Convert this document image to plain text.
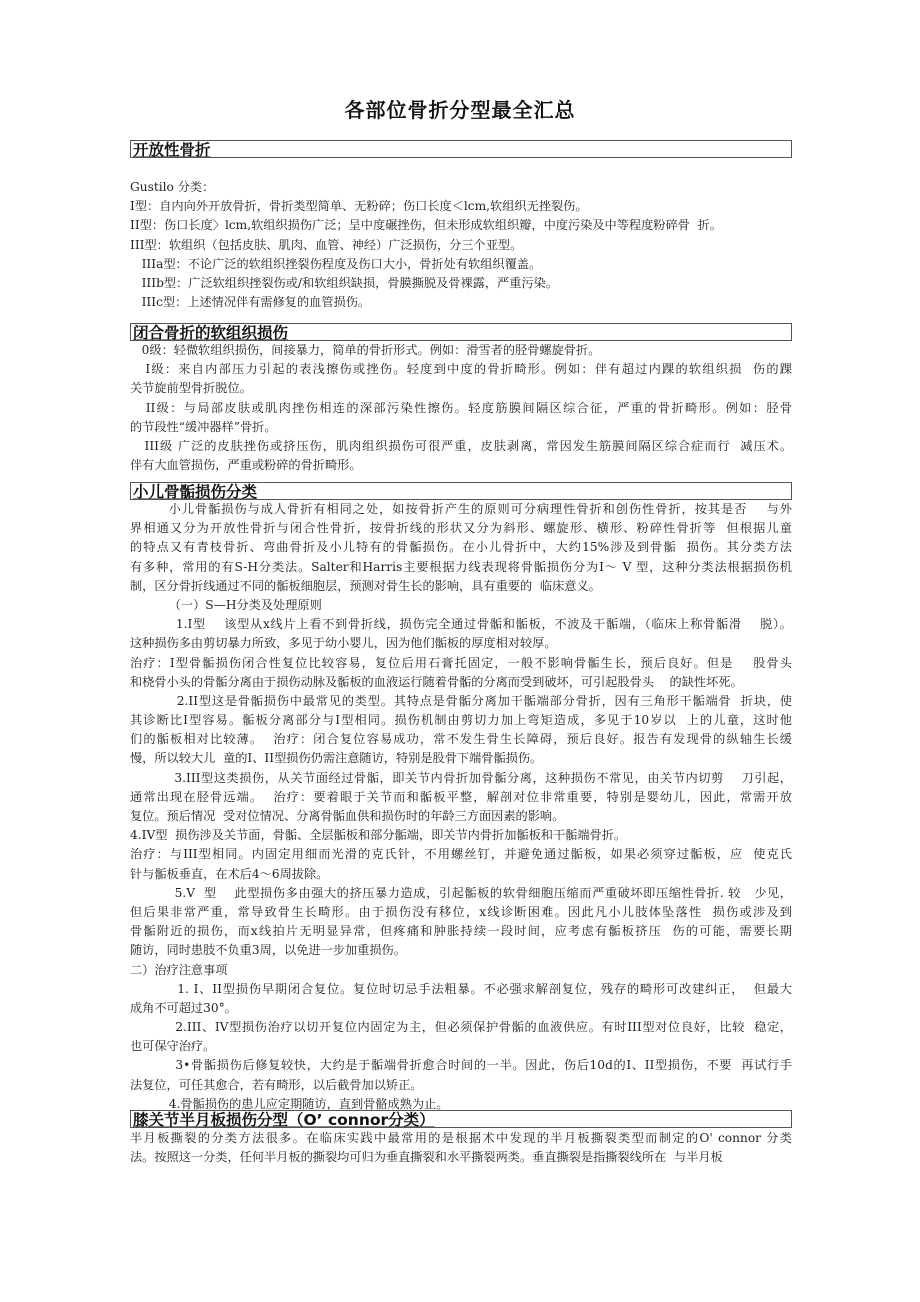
各部位骨折分型最全汇总
开放性骨折
Gustilo 分类：
I型：自内向外开放骨折，骨折类型简单、无粉碎；伤口长度＜lcm,软组织无挫裂伤。
II型：伤口长度〉lcm,软组织损伤广泛；呈中度碾挫伤，但未形成软组织瓣，中度污染及中等程度粉碎骨  折。
III型：软组织（包括皮肤、肌肉、血管、神经）广泛损伤，分三个亚型。
IIIa型：不论广泛的软组织挫裂伤程度及伤口大小，骨折处有软组织覆盖。
IIIb型：广泛软组织挫裂伤或/和软组织缺损，骨膜撕脱及骨裸露，严重污染。
IIIc型：上述情况伴有需修复的血管损伤。
闭合骨折的软组织损伤
0级：轻微软组织损伤，间接暴力，简单的骨折形式。例如：滑雪者的胫骨螺旋骨折。
I级：来自内部压力引起的表浅擦伤或挫伤。轻度到中度的骨折畸形。例如：伴有超过内踝的软组织损  伤的踝
关节旋前型骨折脱位。
II级：与局部皮肤或肌肉挫伤相连的深部污染性擦伤。轻度筋膜间隔区综合征，严重的骨折畸形。例如：胫骨
的节段性“缓冲器样”骨折。
III级 广泛的皮肤挫伤或挤压伤，肌肉组织损伤可很严重，皮肤剥离，常因发生筋膜间隔区综合症而行  减压术。
伴有大血管损伤，严重或粉碎的骨折畸形。
小儿骨骺损伤分类
小儿骨骺损伤与成人骨折有相同之处，如按骨折产生的原则可分病理性骨折和创伤性骨折，按其是否    与外
界相通又分为开放性骨折与闭合性骨折，按骨折线的形状又分为斜形、螺旋形、横形、粉碎性骨折等  但根据儿童
的特点又有青枝骨折、弯曲骨折及小儿特有的骨骺损伤。在小儿骨折中，大约15%涉及到骨骺  损伤。其分类方法
有多种，常用的有S-H分类法。Salter和Harris主要根据力线表现将骨骺损伤分为I～ V 型，这种分类法根据损伤机
制，区分骨折线通过不同的骺板细胞层，预测对骨生长的影响，具有重要的  临床意义。
（一）S—H分类及处理原则
1.I型    该型从x线片上看不到骨折线，损伤完全通过骨骺和骺板，不波及干骺端，（临床上称骨骺滑    脱）。
这种损伤多由剪切暴力所致，多见于幼小婴儿，因为他们骺板的厚度相对较厚。
治疗：I型骨骺损伤闭合性复位比较容易，复位后用石膏托固定，一般不影响骨骺生长，预后良好。但是    股骨头
和桡骨小头的骨骺分离由于损伤动脉及骺板的血液运行随着骨骺的分离而受到破坏，可引起股骨头    的缺性坏死。
2.II型这是骨骺损伤中最常见的类型。其特点是骨骺分离加干骺端部分骨折，因有三角形干骺端骨  折块，使
其诊断比I型容易。骺板分离部分与I型相同。损伤机制由剪切力加上弯矩造成，多见于10岁以  上的儿童，这时他
们的骺板相对比较薄。  治疗：闭合复位容易成功，常不发生骨生长障碍，预后良好。报告有发现骨的纵轴生长缓
慢，所以较大儿  童的I、II型损伤仍需注意随访，特别是股骨下端骨骺损伤。
3.III型这类损伤，从关节面经过骨骺，即关节内骨折加骨骺分离，这种损伤不常见，由关节内切剪    刀引起，
通常出现在胫骨远端。  治疗：要着眼于关节而和骺板平整，解剖对位非常重要，特别是婴幼儿，因此，常需开放
复位。预后情况  受对位情况、分离骨骺血供和损伤时的年龄三方面因素的影响。
4.IV型  损伤涉及关节面，骨骺、全层骺板和部分骺端，即关节内骨折加骺板和干骺端骨折。
治疗：与III型相同。内固定用细而光滑的克氏针，不用螺丝钉，并避免通过骺板，如果必须穿过骺板，应  使克氏
针与骺板垂直，在术后4～6周拔除。
5.V  型    此型损伤多由强大的挤压暴力造成，引起骺板的软骨细胞压缩而严重破坏即压缩性骨折. 较   少见，
但后果非常严重，常导致骨生长畸形。由于损伤没有移位，x线诊断困难。因此凡小儿肢体坠落性  损伤或涉及到
骨骺附近的损伤，而x线拍片无明显异常，但疼痛和肿胀持续一段时间，应考虑有骺板挤压  伤的可能，需要长期
随访，同时患肢不负重3周，以免进一步加重损伤。
二）治疗注意事项
1. I、II型损伤早期闭合复位。复位时切忌手法粗暴。不必强求解剖复位，残存的畸形可改建纠正，  但最大
成角不可超过30°。
2.III、IV型损伤治疗以切开复位内固定为主，但必须保护骨骺的血液供应。有时III型对位良好，比较  稳定，
也可保守治疗。
3•骨骺损伤后修复较快，大约是于骺端骨折愈合时间的一半。因此，伤后10d的I、II型损伤，不要  再试行手
法复位，可任其愈合，若有畸形，以后截骨加以矫正。
4.骨骺损伤的患儿应定期随访，直到骨骼成熟为止。
膝关节半月板损伤分型（O’ connor分类）
半月板撕裂的分类方法很多。在临床实践中最常用的是根据术中发现的半月板撕裂类型而制定的O' connor 分类
法。按照这一分类，任何半月板的撕裂均可归为垂直撕裂和水平撕裂两类。垂直撕裂是指撕裂线所在  与半月板
